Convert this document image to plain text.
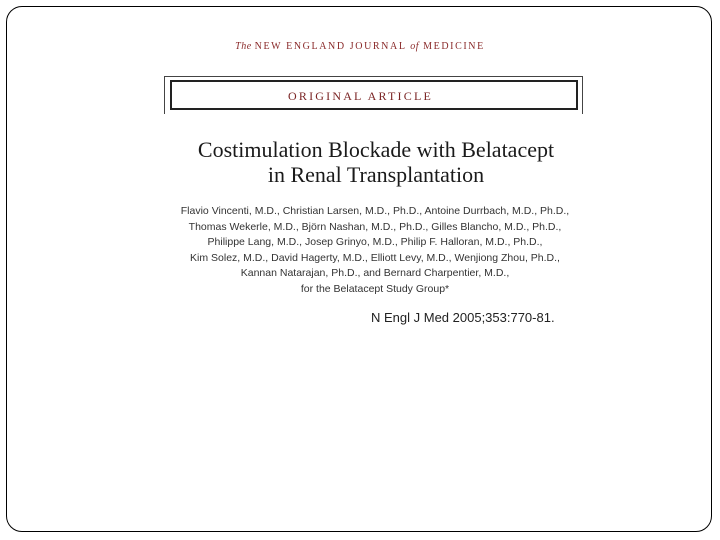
The NEW ENGLAND JOURNAL of MEDICINE
ORIGINAL ARTICLE
Costimulation Blockade with Belatacept
in Renal Transplantation
Flavio Vincenti, M.D., Christian Larsen, M.D., Ph.D., Antoine Durrbach, M.D., Ph.D.,
Thomas Wekerle, M.D., Björn Nashan, M.D., Ph.D., Gilles Blancho, M.D., Ph.D.,
Philippe Lang, M.D., Josep Grinyo, M.D., Philip F. Halloran, M.D., Ph.D.,
Kim Solez, M.D., David Hagerty, M.D., Elliott Levy, M.D., Wenjiong Zhou, Ph.D.,
Kannan Natarajan, Ph.D., and Bernard Charpentier, M.D.,
for the Belatacept Study Group*
N Engl J Med 2005;353:770-81.
